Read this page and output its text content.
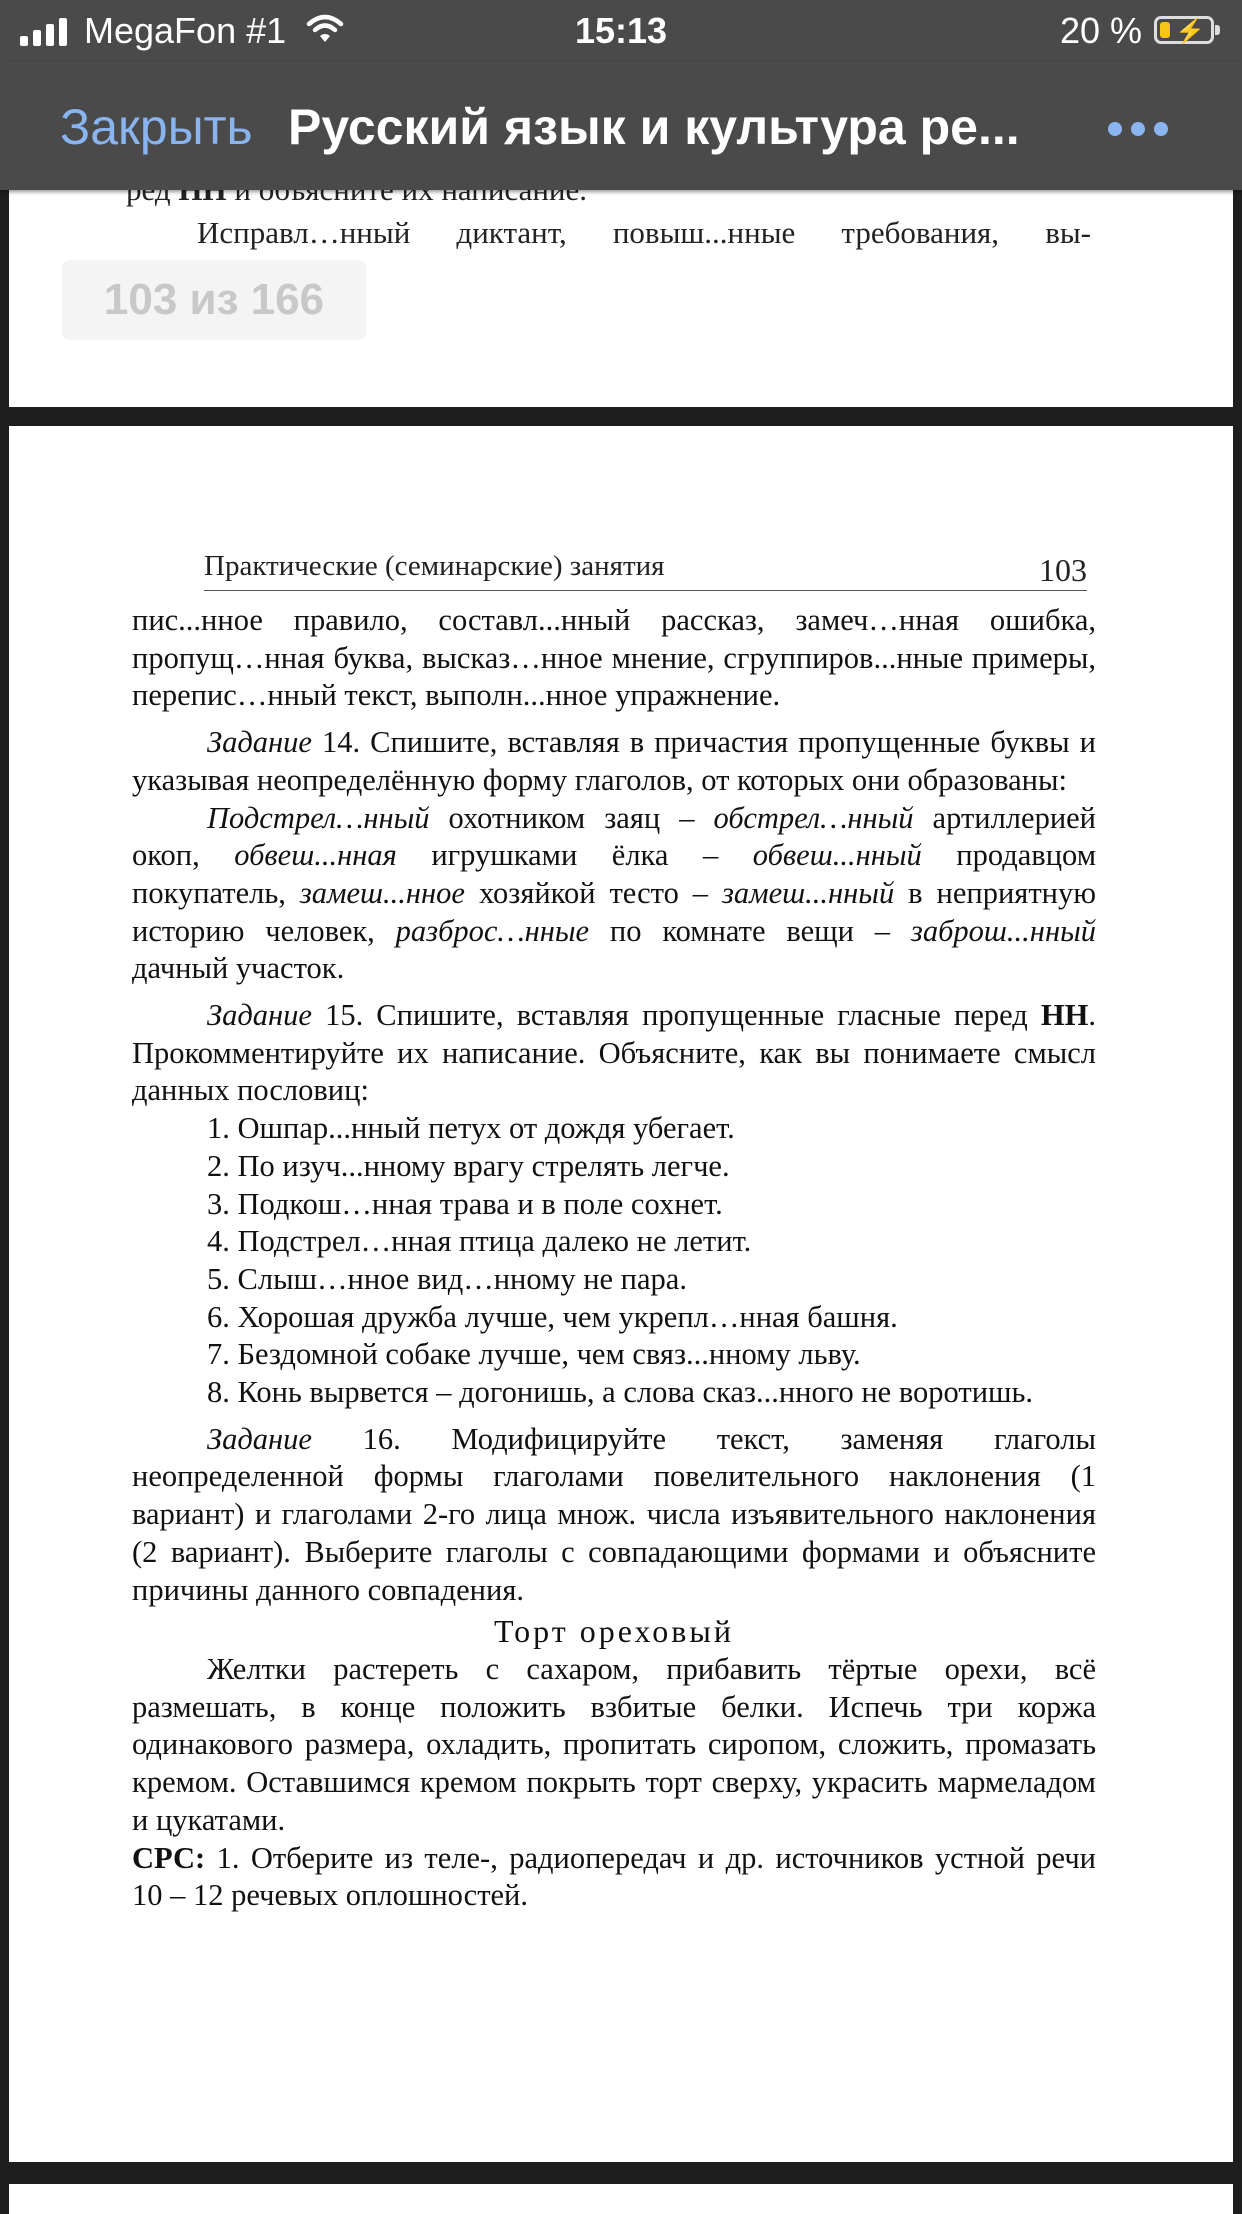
MegaFon #1	15:13	20 % ⚡
Закрыть Русский язык и культура ре...
Исправл…нный диктант, повыш...нные требования, вы-
103 из 166
Практические (семинарские) занятия	103

пис...нное правило, составл...нный рассказ, замеч…нная ошибка, пропущ…нная буква, высказ…нное мнение, сгруппиров...нные примеры, перепис…нный текст, выполн...нное упражнение.

Задание 14. Спишите, вставляя в причастия пропущенные буквы и указывая неопределённую форму глаголов, от которых они образованы:

Подстрел…нный охотником заяц – обстрел…нный артиллерией окоп, обвеш...нная игрушками ёлка – обвеш...нный продавцом покупатель, замеш...нное хозяйкой тесто – замеш...нный в неприятную историю человек, разброс…нные по комнате вещи – заброш...нный дачный участок.

Задание 15. Спишите, вставляя пропущенные гласные перед НН. Прокомментируйте их написание. Объясните, как вы понимаете смысл данных пословиц:

1. Ошпар...нный петух от дождя убегает.

2. По изуч...нному врагу стрелять легче.

3. Подкош…нная трава и в поле сохнет.

4. Подстрел…нная птица далеко не летит.

5. Слыш…нное вид…нному не пара.

6. Хорошая дружба лучше, чем укрепл…нная башня.

7. Бездомной собаке лучше, чем связ...нному льву.

8. Конь вырвется – догонишь, а слова сказ...нного не воротишь.

Задание 16. Модифицируйте текст, заменяя глаголы неопределенной формы глаголами повелительного наклонения (1 вариант) и глаголами 2-го лица множ. числа изъявительного наклонения (2 вариант). Выберите глаголы с совпадающими формами и объясните причины данного совпадения.

Торт ореховый

Желтки растереть с сахаром, прибавить тёртые орехи, всё размешать, в конце положить взбитые белки. Испечь три коржа одинакового размера, охладить, пропитать сиропом, сложить, промазать кремом. Оставшимся кремом покрыть торт сверху, украсить мармеладом и цукатами.

СРС: 1. Отберите из теле-, радиопередач и др. источников устной речи 10 – 12 речевых оплошностей.
